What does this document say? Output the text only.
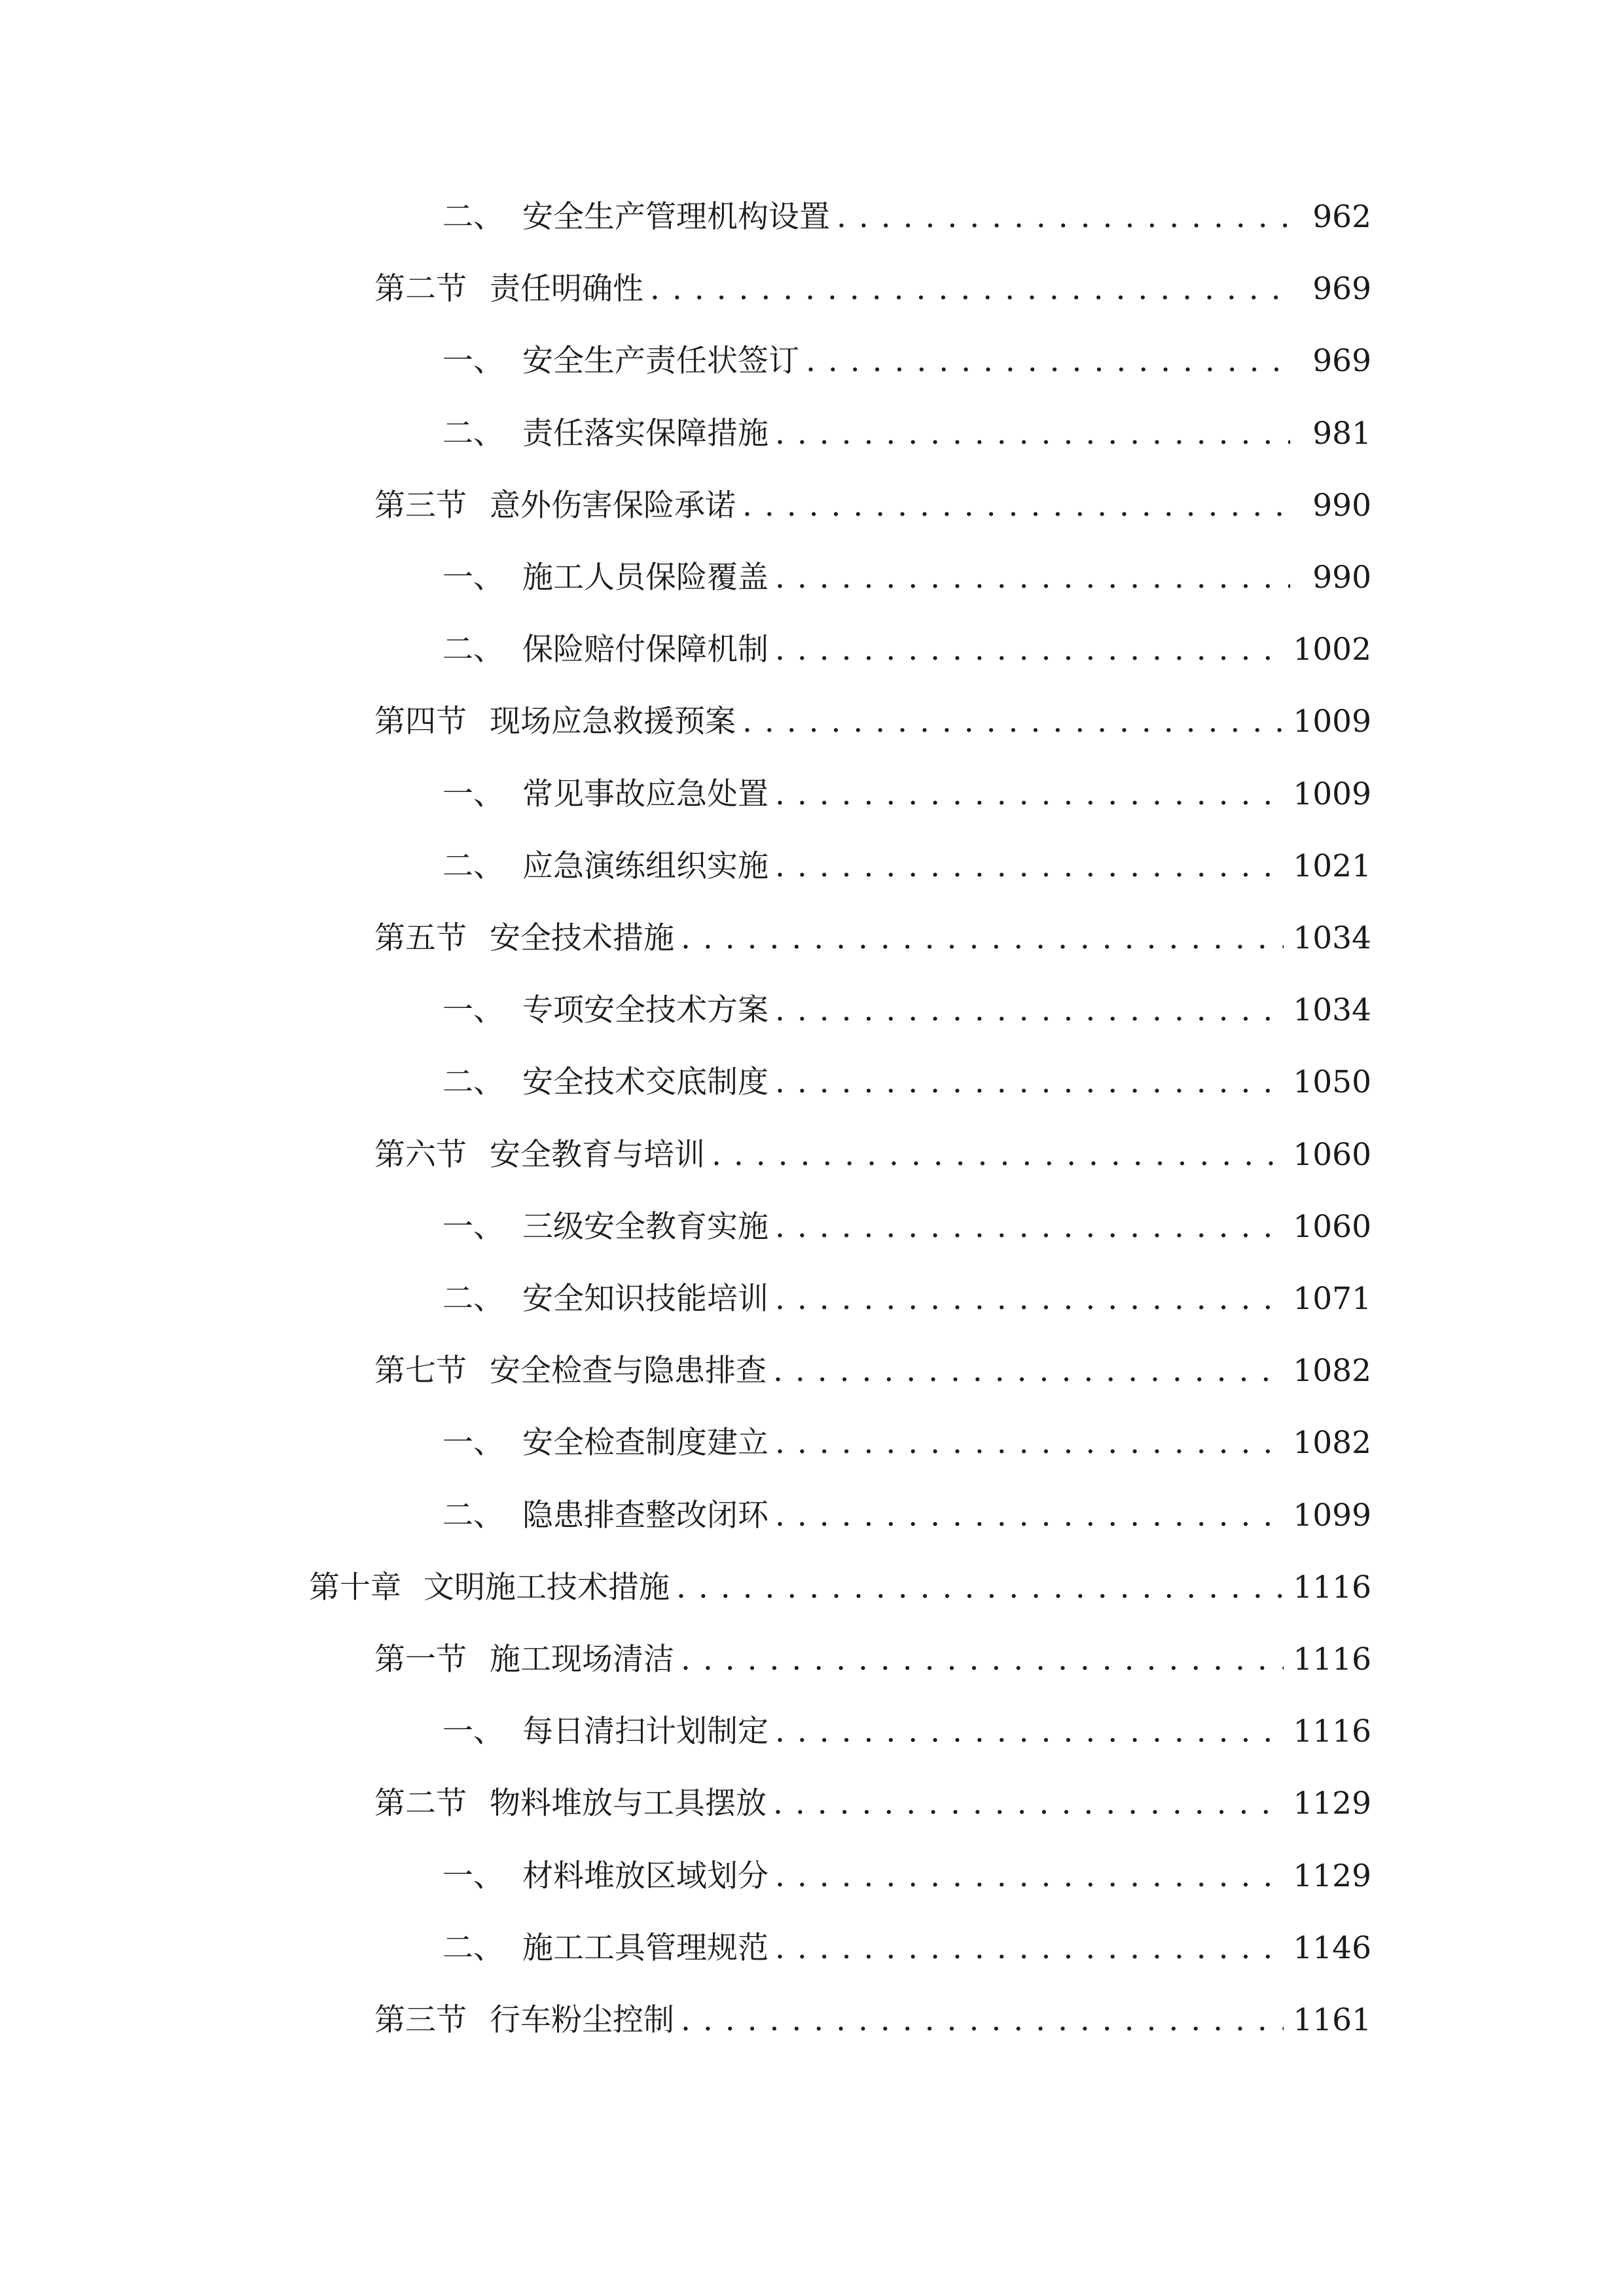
二、 安全生产管理机构设置 . . .	962
第二节 责任明确性 . . .	969
一、 安全生产责任状签订 . . .	969
二、 责任落实保障措施 . . .	981
第三节 意外伤害保险承诺 . . .	990
一、 施工人员保险覆盖 . . .	990
二、 保险赔付保障机制 . . .	1002
第四节 现场应急救援预案 . . .	1009
一、 常见事故应急处置 . . .	1009
二、 应急演练组织实施 . . .	1021
第五节 安全技术措施 . . .	1034
一、 专项安全技术方案 . . .	1034
二、 安全技术交底制度 . . .	1050
第六节 安全教育与培训 . . .	1060
一、 三级安全教育实施 . . .	1060
二、 安全知识技能培训 . . .	1071
第七节 安全检查与隐患排查 . . .	1082
一、 安全检查制度建立 . . .	1082
二、 隐患排查整改闭环 . . .	1099
第十章 文明施工技术措施 . . .	1116
第一节 施工现场清洁 . . .	1116
一、 每日清扫计划制定 . . .	1116
第二节 物料堆放与工具摆放 . . .	1129
一、 材料堆放区域划分 . . .	1129
二、 施工工具管理规范 . . .	1146
第三节 行车粉尘控制 . . .	1161
